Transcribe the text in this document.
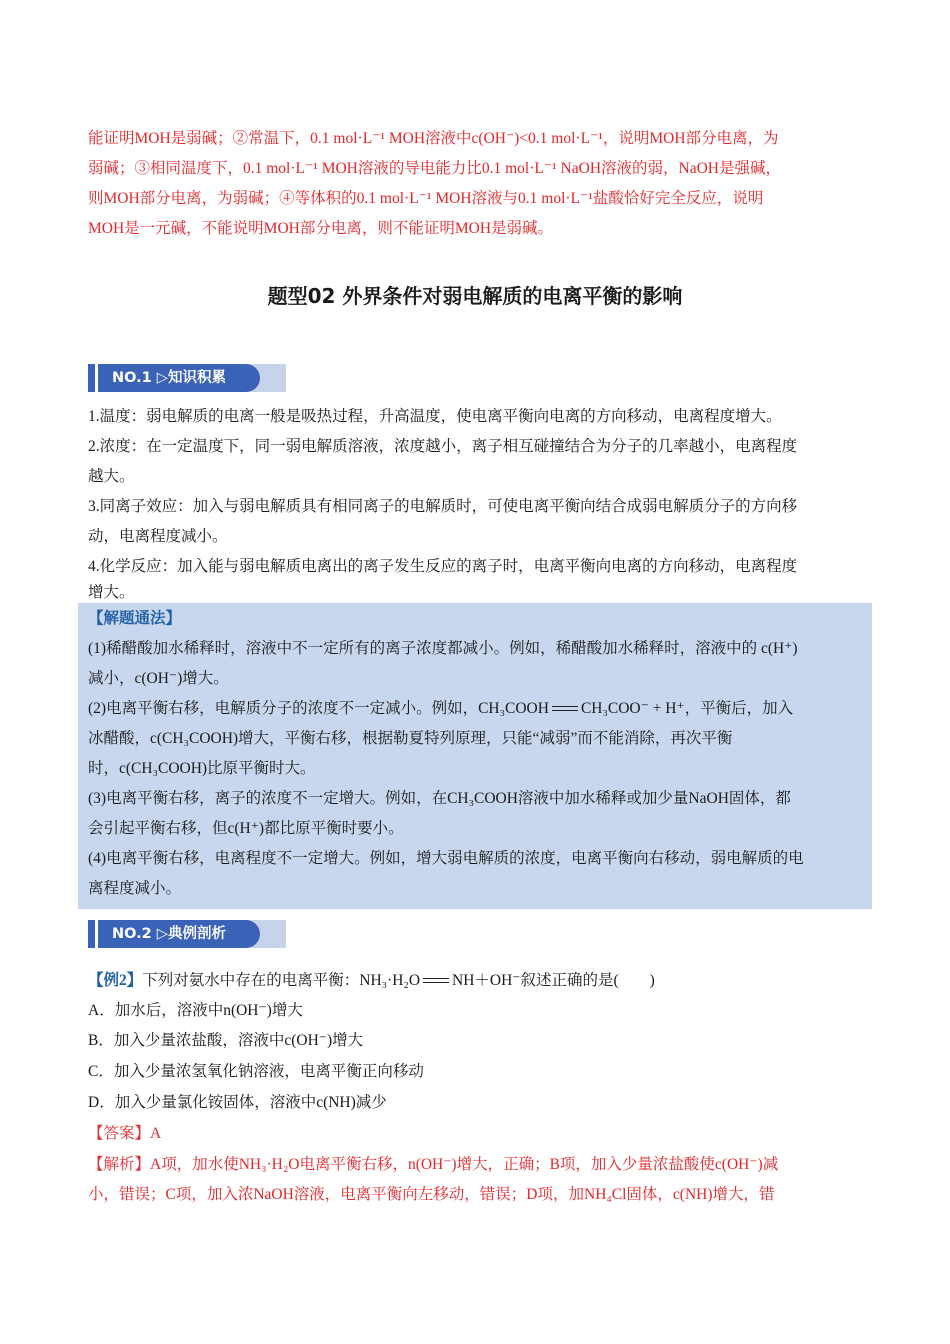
能证明MOH是弱碱；②常温下，0.1 mol·L⁻¹ MOH溶液中c(OH⁻)<0.1 mol·L⁻¹，说明MOH部分电离，为

弱碱；③相同温度下，0.1 mol·L⁻¹ MOH溶液的导电能力比0.1 mol·L⁻¹ NaOH溶液的弱，NaOH是强碱，

则MOH部分电离，为弱碱；④等体积的0.1 mol·L⁻¹ MOH溶液与0.1 mol·L⁻¹盐酸恰好完全反应，说明

MOH是一元碱，不能说明MOH部分电离，则不能证明MOH是弱碱。

题型02 外界条件对弱电解质的电离平衡的影响
NO.1 ▷知识积累

1.温度：弱电解质的电离一般是吸热过程，升高温度，使电离平衡向电离的方向移动，电离程度增大。

2.浓度：在一定温度下，同一弱电解质溶液，浓度越小，离子相互碰撞结合为分子的几率越小，电离程度

越大。

3.同离子效应：加入与弱电解质具有相同离子的电解质时，可使电离平衡向结合成弱电解质分子的方向移

动，电离程度减小。

4.化学反应：加入能与弱电解质电离出的离子发生反应的离子时，电离平衡向电离的方向移动，电离程度

增大。

【解题通法】

(1)稀醋酸加水稀释时，溶液中不一定所有的离子浓度都减小。例如，稀醋酸加水稀释时，溶液中的 c(H⁺)

减小，c(OH⁻)增大。

(2)电离平衡右移，电解质分子的浓度不一定减小。例如，CH₃COOH CH₃COO⁻ + H⁺，平衡后，加入

冰醋酸，c(CH₃COOH)增大，平衡右移，根据勒夏特列原理，只能“减弱”而不能消除，再次平衡

时，c(CH₃COOH)比原平衡时大。

(3)电离平衡右移，离子的浓度不一定增大。例如，在CH₃COOH溶液中加水稀释或加少量NaOH固体，都

会引起平衡右移，但c(H⁺)都比原平衡时要小。

(4)电离平衡右移，电离程度不一定增大。例如，增大弱电解质的浓度，电离平衡向右移动，弱电解质的电

离程度减小。

NO.2 ▷典例剖析

【例2】下列对氨水中存在的电离平衡：NH₃·H₂O NH＋OH⁻叙述正确的是(　　)

A．加水后，溶液中n(OH⁻)增大

B．加入少量浓盐酸，溶液中c(OH⁻)增大

C．加入少量浓氢氧化钠溶液，电离平衡正向移动

D．加入少量氯化铵固体，溶液中c(NH)减少

【答案】A

【解析】A项，加水使NH₃·H₂O电离平衡右移，n(OH⁻)增大，正确；B项，加入少量浓盐酸使c(OH⁻)减

小，错误；C项，加入浓NaOH溶液，电离平衡向左移动，错误；D项，加NH₄Cl固体，c(NH)增大，错
